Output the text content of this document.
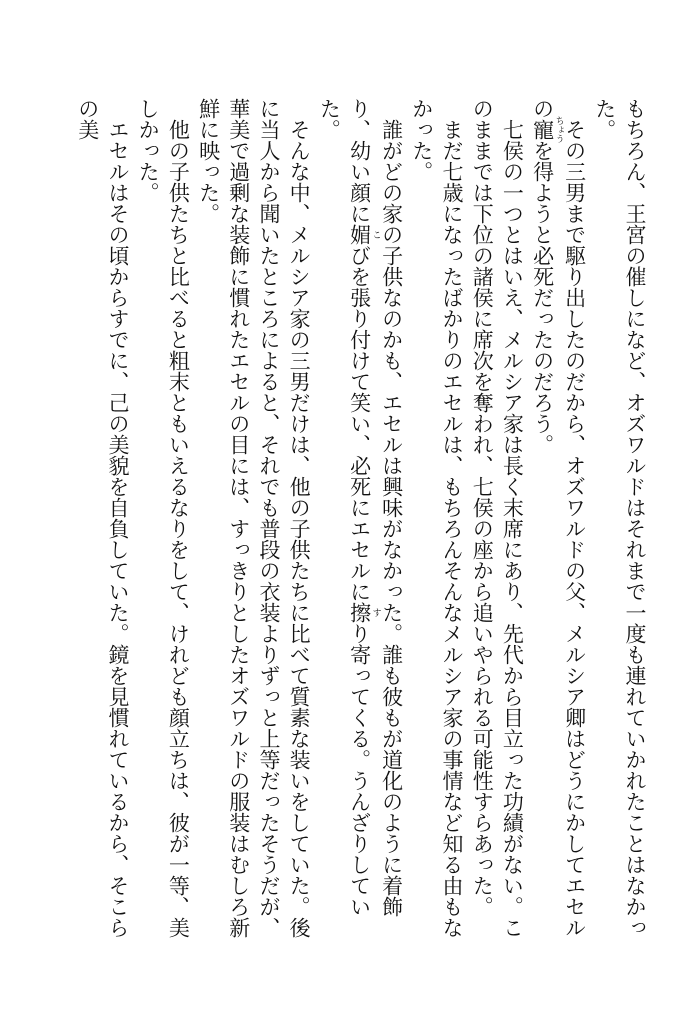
もちろん、王宮の催しになど、オズワルドはそれまで一度も連れていかれたことはなかった。

その三男まで駆り出したのだから、オズワルドの父、メルシア卿はどうにかしてエセルの寵 ちょうを得ようと必死だったのだろう。

七侯の一つとはいえ、メルシア家は長く末席にあり、先代から目立った功績がない。このままでは下位の諸侯に席次を奪われ、七侯の座から追いやられる可能性すらあった。

まだ七歳になったばかりのエセルは、もちろんそんなメルシア家の事情など知る由もなかった。

誰がどの家の子供なのかも、エセルは興味がなかった。誰も彼もが道化のように着飾り、幼い顔に媚 こびを張り付けて笑い、必死にエセルに擦 すり寄ってくる。うんざりしていた。

そんな中、メルシア家の三男だけは、他の子供たちに比べて質素な装いをしていた。後に当人から聞いたところによると、それでも普段の衣装よりずっと上等だったそうだが、華美で過剰な装飾に慣れたエセルの目には、すっきりとしたオズワルドの服装はむしろ新鮮に映った。

他の子供たちと比べると粗末ともいえるなりをして、けれども顔立ちは、彼が一等、美しかった。

エセルはその頃からすでに、己の美貌を自負していた。鏡を見慣れているから、そこらの美
